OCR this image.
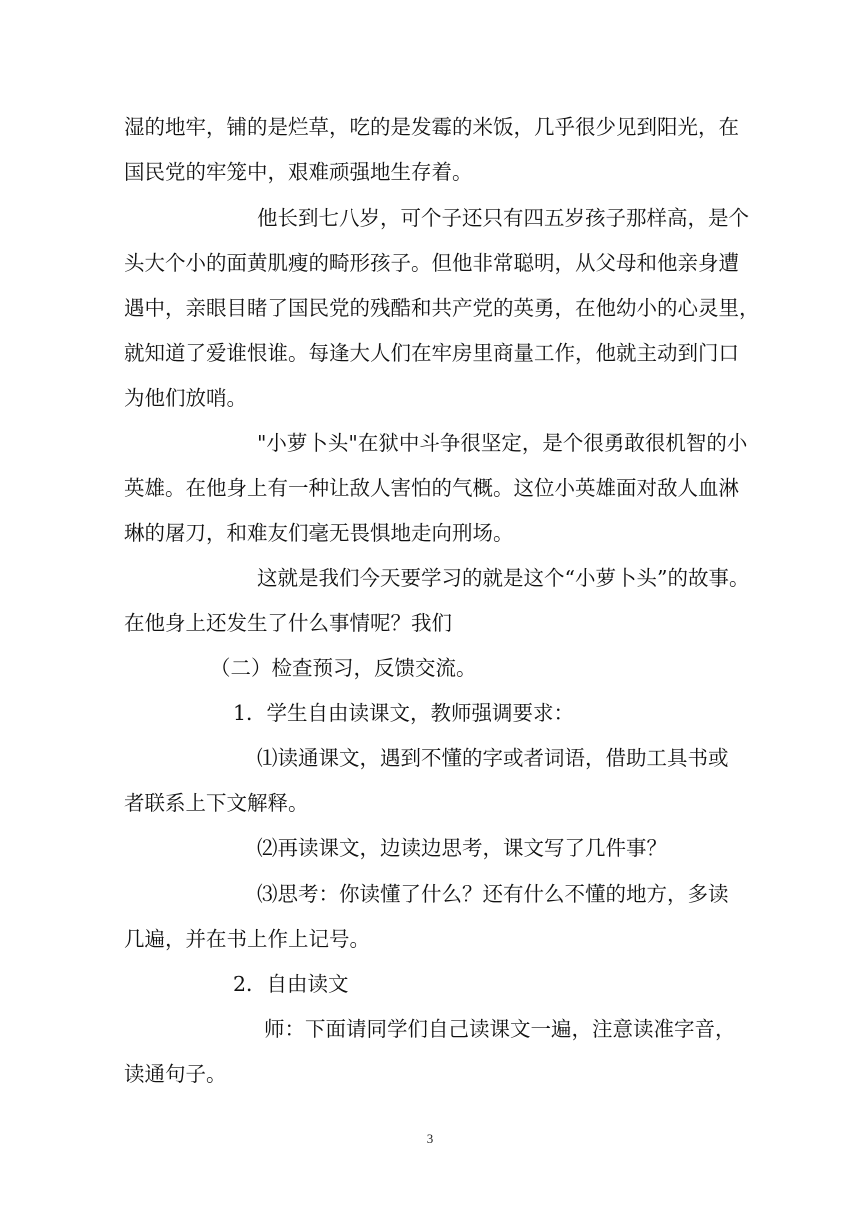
湿的地牢，铺的是烂草，吃的是发霉的米饭，几乎很少见到阳光，在
国民党的牢笼中，艰难顽强地生存着。
他长到七八岁，可个子还只有四五岁孩子那样高，是个
头大个小的面黄肌瘦的畸形孩子。但他非常聪明，从父母和他亲身遭
遇中，亲眼目睹了国民党的残酷和共产党的英勇，在他幼小的心灵里，
就知道了爱谁恨谁。每逢大人们在牢房里商量工作，他就主动到门口
为他们放哨。
"小萝卜头"在狱中斗争很坚定，是个很勇敢很机智的小
英雄。在他身上有一种让敌人害怕的气概。这位小英雄面对敌人血淋
琳的屠刀，和难友们毫无畏惧地走向刑场。
这就是我们今天要学习的就是这个“小萝卜头”的故事。
在他身上还发生了什么事情呢？我们
（二）检查预习，反馈交流。
1．学生自由读课文，教师强调要求：
⑴读通课文，遇到不懂的字或者词语，借助工具书或
者联系上下文解释。
⑵再读课文，边读边思考，课文写了几件事？
⑶思考：你读懂了什么？还有什么不懂的地方，多读
几遍，并在书上作上记号。
2．自由读文
师：下面请同学们自己读课文一遍，注意读准字音，
读通句子。
3
